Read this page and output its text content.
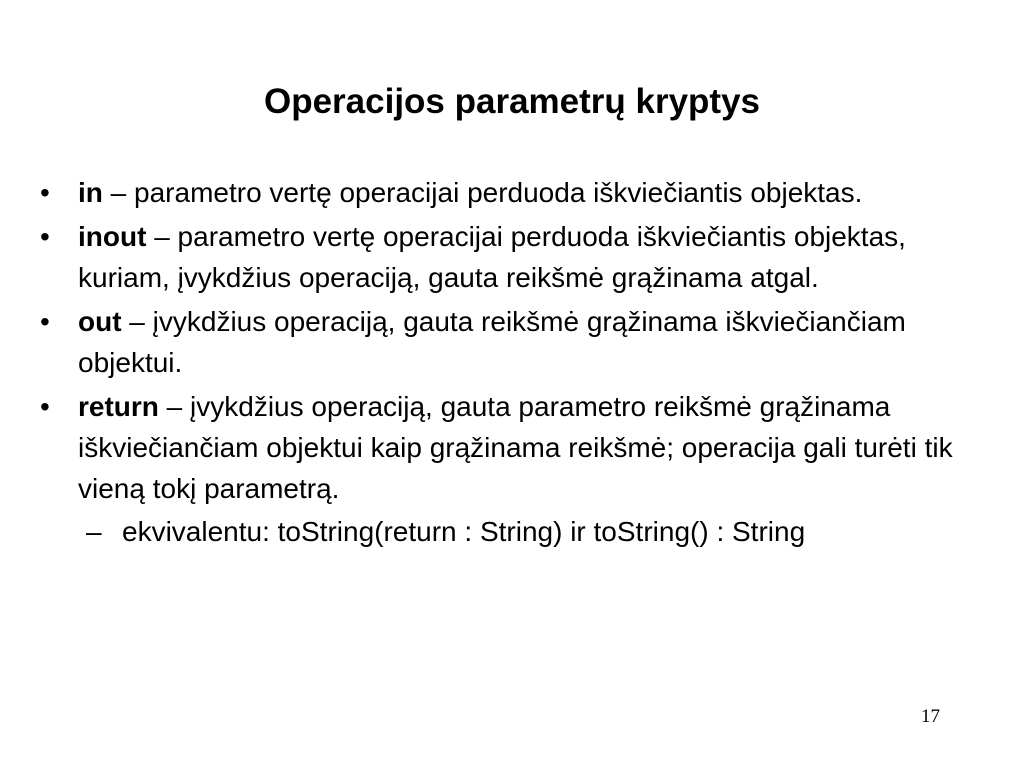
Operacijos parametrų kryptys
•	in – parametro vertę operacijai perduoda iškviečiantis objektas.
•	inout – parametro vertę operacijai perduoda iškviečiantis objektas, kuriam, įvykdžius operaciją, gauta reikšmė grąžinama atgal.
•	out – įvykdžius operaciją, gauta reikšmė grąžinama iškviečiančiam objektui.
•	return – įvykdžius operaciją, gauta parametro reikšmė grąžinama iškviečiančiam objektui kaip grąžinama reikšmė; operacija gali turėti tik vieną tokį parametrą.
– ekvivalentu: toString(return : String) ir toString() : String
17
